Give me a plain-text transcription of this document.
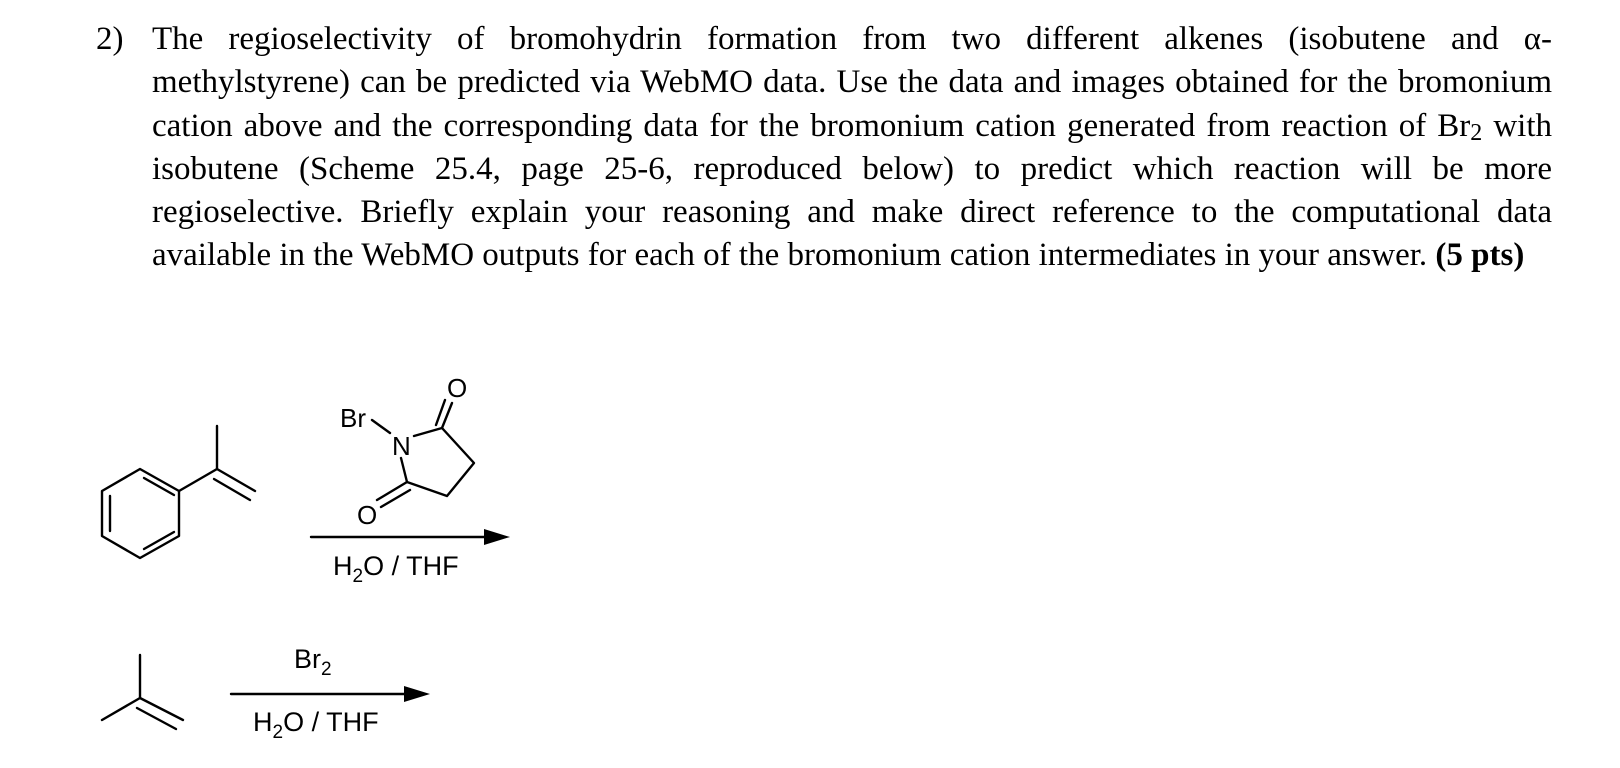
2) The regioselectivity of bromohydrin formation from two different alkenes (isobutene and α-methylstyrene) can be predicted via WebMO data. Use the data and images obtained for the bromonium cation above and the corresponding data for the bromonium cation generated from reaction of $Br_2$ with isobutene (Scheme 25.4, page 25-6, reproduced below) to predict which reaction will be more regioselective. Briefly explain your reasoning and make direct reference to the computational data available in the WebMO outputs for each of the bromonium cation intermediates in your answer. (5 pts)
Br
N
O
O
$H_2O$ / THF
$Br_2$
$H_2O$ / THF
